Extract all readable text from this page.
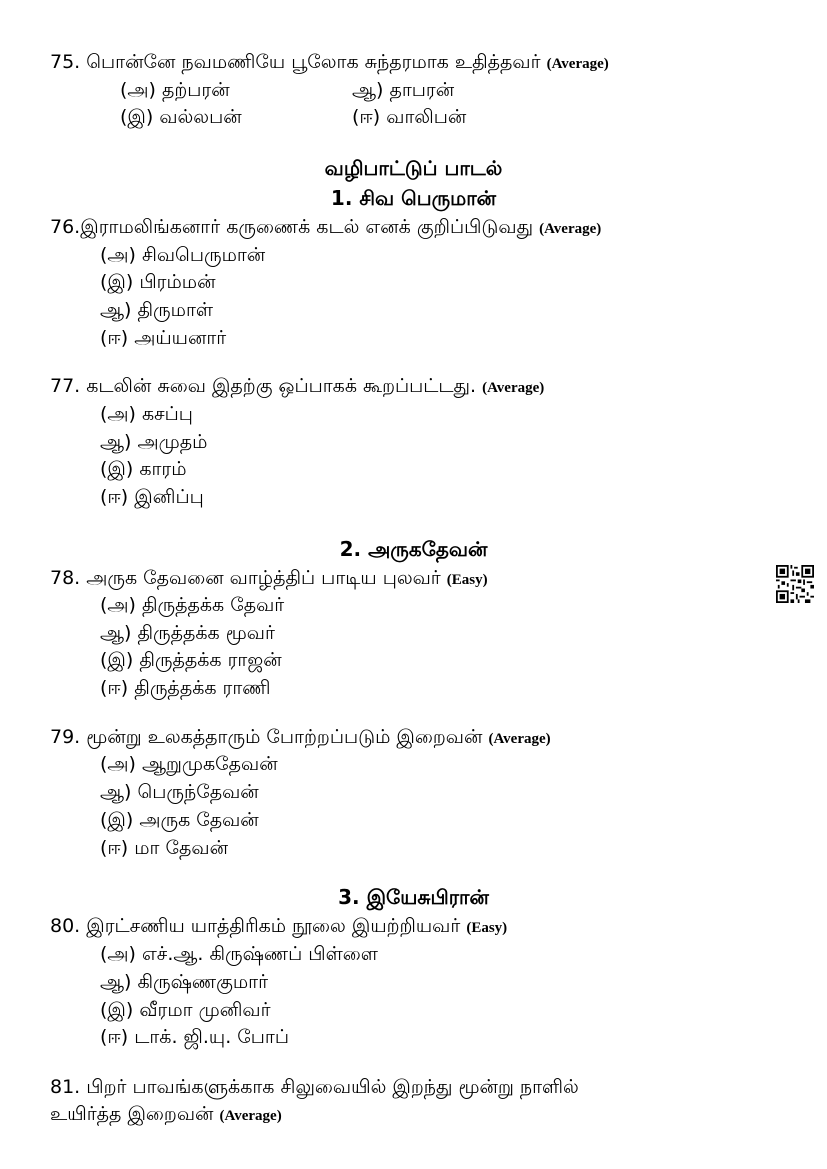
75. பொன்னே நவமணியே பூலோக சுந்தரமாக உதித்தவர் (Average)
(அ) தற்பரன்	ஆ) தாபரன்
(இ) வல்லபன்	(ஈ) வாலிபன்
வழிபாட்டுப் பாடல்
1. சிவ பெருமான்
76.இராமலிங்கனார் கருணைக் கடல் எனக் குறிப்பிடுவது (Average)
(அ) சிவபெருமான்
(இ) பிரம்மன்
ஆ) திருமாள்
(ஈ) அய்யனார்
77. கடலின் சுவை இதற்கு ஒப்பாகக் கூறப்பட்டது. (Average)
(அ) கசப்பு
ஆ) அமுதம்
(இ) காரம்
(ஈ) இனிப்பு
2. அருகதேவன்
78. அருக தேவனை வாழ்த்திப் பாடிய புலவர் (Easy)
(அ) திருத்தக்க தேவர்
ஆ) திருத்தக்க மூவர்
(இ) திருத்தக்க ராஜன்
(ஈ) திருத்தக்க ராணி
79. மூன்று உலகத்தாரும் போற்றப்படும் இறைவன் (Average)
(அ) ஆறுமுகதேவன்
ஆ) பெருந்தேவன்
(இ) அருக தேவன்
(ஈ) மா தேவன்
3. இயேசுபிரான்
80. இரட்சணிய யாத்திரிகம் நூலை இயற்றியவர் (Easy)
(அ) எச்.ஆ. கிருஷ்ணப் பிள்ளை
ஆ) கிருஷ்ணகுமார்
(இ) வீரமா முனிவர்
(ஈ) டாக். ஜி.யு. போப்
81. பிறர் பாவங்களுக்காக சிலுவையில் இறந்து மூன்று நாளில்
உயிர்த்த இறைவன் (Average)
